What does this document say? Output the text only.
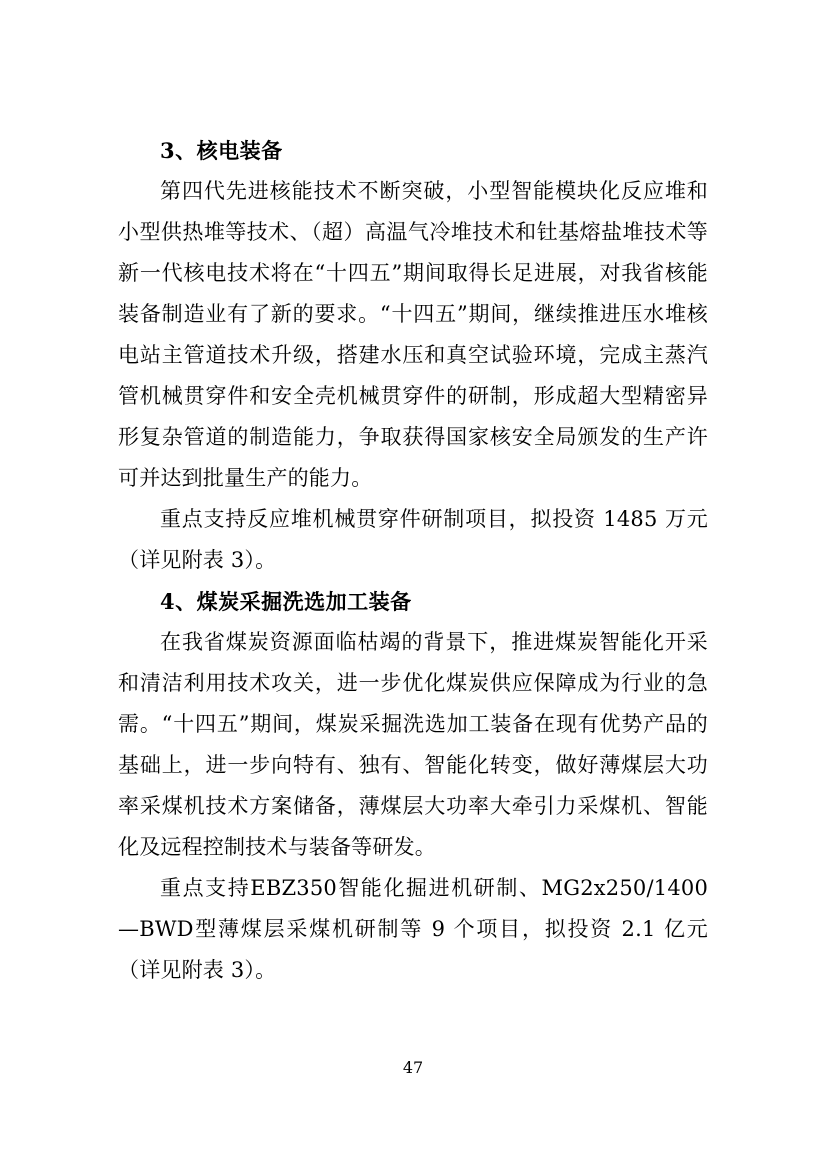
3、核电装备

第四代先进核能技术不断突破，小型智能模块化反应堆和小型供热堆等技术、（超）高温气冷堆技术和钍基熔盐堆技术等新一代核电技术将在“十四五”期间取得长足进展，对我省核能装备制造业有了新的要求。“十四五”期间，继续推进压水堆核电站主管道技术升级，搭建水压和真空试验环境，完成主蒸汽管机械贯穿件和安全壳机械贯穿件的研制，形成超大型精密异形复杂管道的制造能力，争取获得国家核安全局颁发的生产许可并达到批量生产的能力。

重点支持反应堆机械贯穿件研制项目，拟投资 1485 万元（详见附表 3）。

4、煤炭采掘洗选加工装备

在我省煤炭资源面临枯竭的背景下，推进煤炭智能化开采和清洁利用技术攻关，进一步优化煤炭供应保障成为行业的急需。“十四五”期间，煤炭采掘洗选加工装备在现有优势产品的基础上，进一步向特有、独有、智能化转变，做好薄煤层大功率采煤机技术方案储备，薄煤层大功率大牵引力采煤机、智能化及远程控制技术与装备等研发。

重点支持EBZ350智能化掘进机研制、MG2x250/1400—BWD型薄煤层采煤机研制等 9 个项目，拟投资 2.1 亿元（详见附表 3）。

47
